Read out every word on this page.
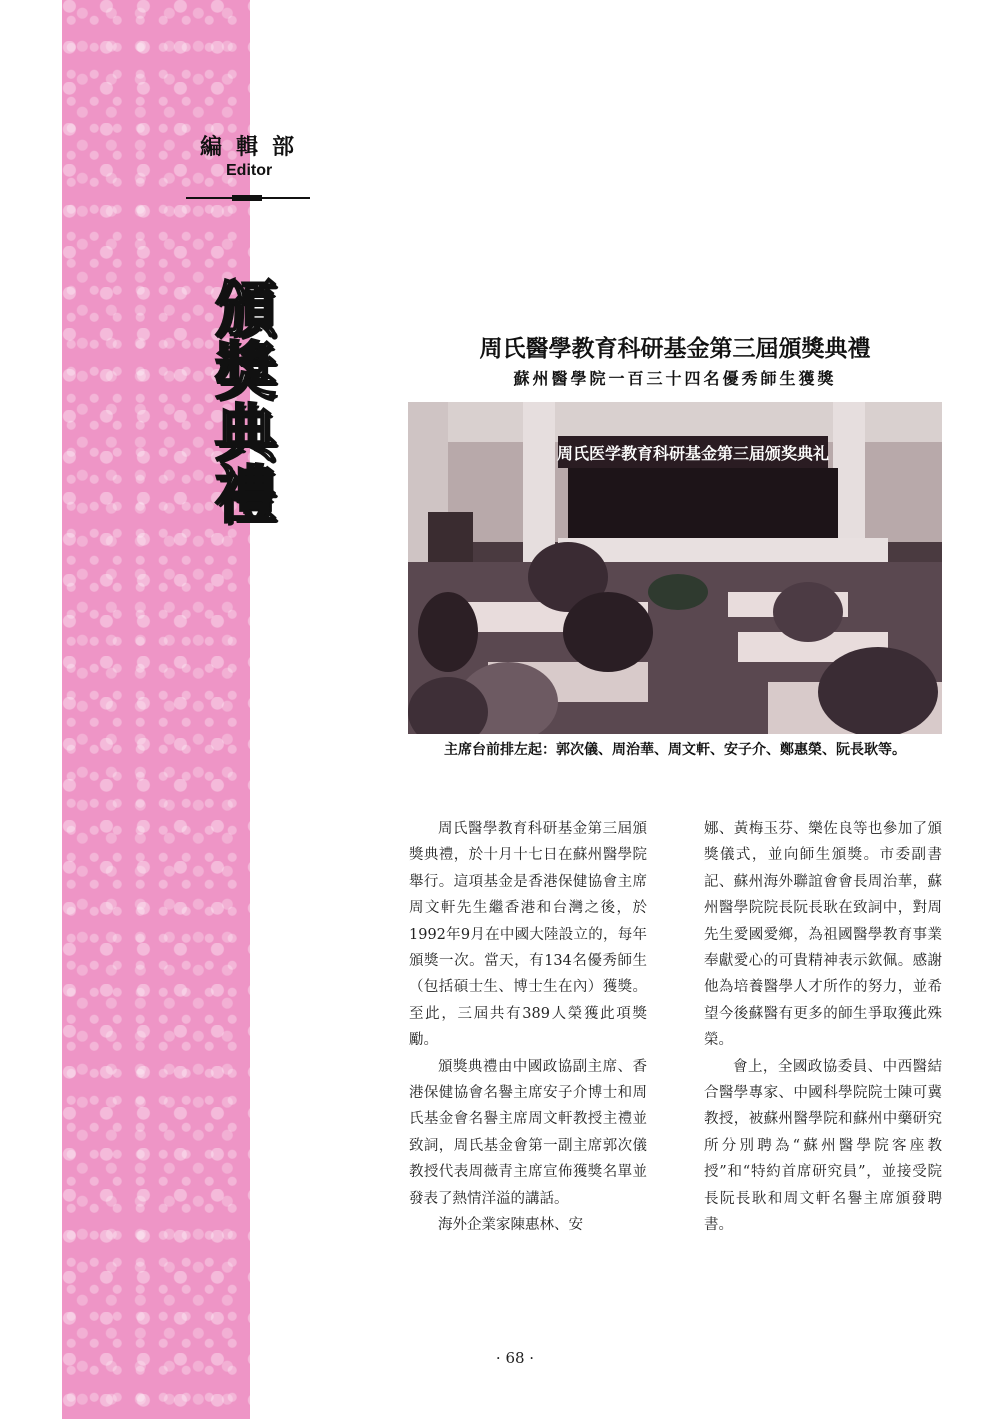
編輯部
Editor
頒獎典禮	周氏醫學教育科研基金第三屆頒獎典禮
蘇州醫學院一百三十四名優秀師生獲獎
周氏医学教育科研基金第三届颁奖典礼
主席台前排左起：郭次儀、周治華、周文軒、安子介、鄭惠榮、阮長耿等。

周氏醫學教育科研基金第三屆頒獎典禮，於十月十七日在蘇州醫學院舉行。這項基金是香港保健協會主席周文軒先生繼香港和台灣之後，於1992年9月在中國大陸設立的，每年頒獎一次。當天，有134名優秀師生（包括碩士生、博士生在內）獲獎。至此，三屆共有389人榮獲此項獎勵。

頒獎典禮由中國政協副主席、香港保健協會名譽主席安子介博士和周氏基金會名譽主席周文軒教授主禮並致詞，周氏基金會第一副主席郭次儀教授代表周薇青主席宣佈獲獎名單並發表了熱情洋溢的講話。

海外企業家陳惠林、安

娜、黃梅玉芬、樂佐良等也參加了頒獎儀式，並向師生頒獎。市委副書記、蘇州海外聯誼會會長周治華，蘇州醫學院院長阮長耿在致詞中，對周先生愛國愛鄉，為祖國醫學教育事業奉獻愛心的可貴精神表示欽佩。感謝他為培養醫學人才所作的努力，並希望今後蘇醫有更多的師生爭取獲此殊榮。

會上，全國政協委員、中西醫結合醫學專家、中國科學院院士陳可冀教授，被蘇州醫學院和蘇州中藥研究所分別聘為“蘇州醫學院客座教授”和“特約首席研究員”，並接受院長阮長耿和周文軒名譽主席頒發聘書。

· 68 ·
